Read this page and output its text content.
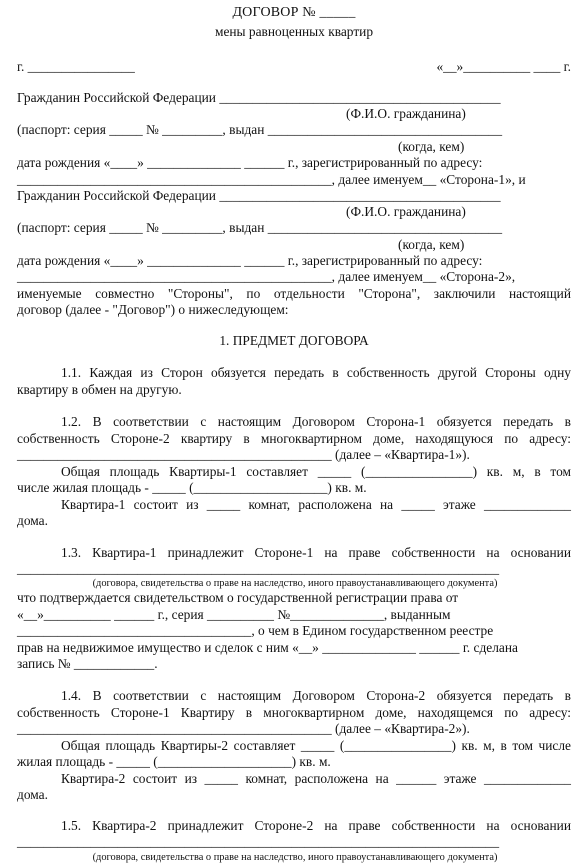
ДОГОВОР № _____

мены равноценных квартир

г. ________________	«__»__________ ____ г.

Гражданин Российской Федерации __________________________________________

(Ф.И.О. гражданина)

(паспорт: серия _____ № _________, выдан ___________________________________

(когда, кем)

дата рождения «____» ______________ ______ г., зарегистрированный по адресу:

_______________________________________________, далее именуем__ «Сторона-1», и

Гражданин Российской Федерации __________________________________________

(Ф.И.О. гражданина)

(паспорт: серия _____ № _________, выдан ___________________________________

(когда, кем)

дата рождения «____» ______________ ______ г., зарегистрированный по адресу:

_______________________________________________, далее именуем__ «Сторона-2»,

именуемые совместно "Стороны", по отдельности "Сторона", заключили настоящий

договор (далее - "Договор") о нижеследующем:

1. ПРЕДМЕТ ДОГОВОРА

1.1. Каждая из Сторон обязуется передать в собственность другой Стороны одну

квартиру в обмен на другую.

1.2. В соответствии с настоящим Договором Сторона-1 обязуется передать в

собственность Стороне-2 квартиру в многоквартирном доме, находящуюся по адресу:

_______________________________________________ (далее – «Квартира-1»).

Общая площадь Квартиры-1 составляет _____ (________________) кв. м, в том

числе жилая площадь - _____ (____________________) кв. м.

Квартира-1 состоит из _____ комнат, расположена на _____ этаже _____________

дома.

1.3. Квартира-1 принадлежит Стороне-1 на праве собственности на основании

________________________________________________________________________

(договора, свидетельства о праве на наследство, иного правоустанавливающего документа)

что подтверждается свидетельством о государственной регистрации права от

«__»__________ ______ г., серия __________ №______________, выданным

___________________________________, о чем в Едином государственном реестре

прав на недвижимое имущество и сделок с ним «__» ______________ ______ г. сделана

запись № ____________.

1.4. В соответствии с настоящим Договором Сторона-2 обязуется передать в

собственность Стороне-1 Квартиру в многоквартирном доме, находящемся по адресу:

_______________________________________________ (далее – «Квартира-2»).

Общая площадь Квартиры-2 составляет _____ (________________) кв. м, в том числе

жилая площадь - _____ (____________________) кв. м.

Квартира-2 состоит из _____ комнат, расположена на ______ этаже _____________

дома.

1.5. Квартира-2 принадлежит Стороне-2 на праве собственности на основании

________________________________________________________________________

(договора, свидетельства о праве на наследство, иного правоустанавливающего документа)
